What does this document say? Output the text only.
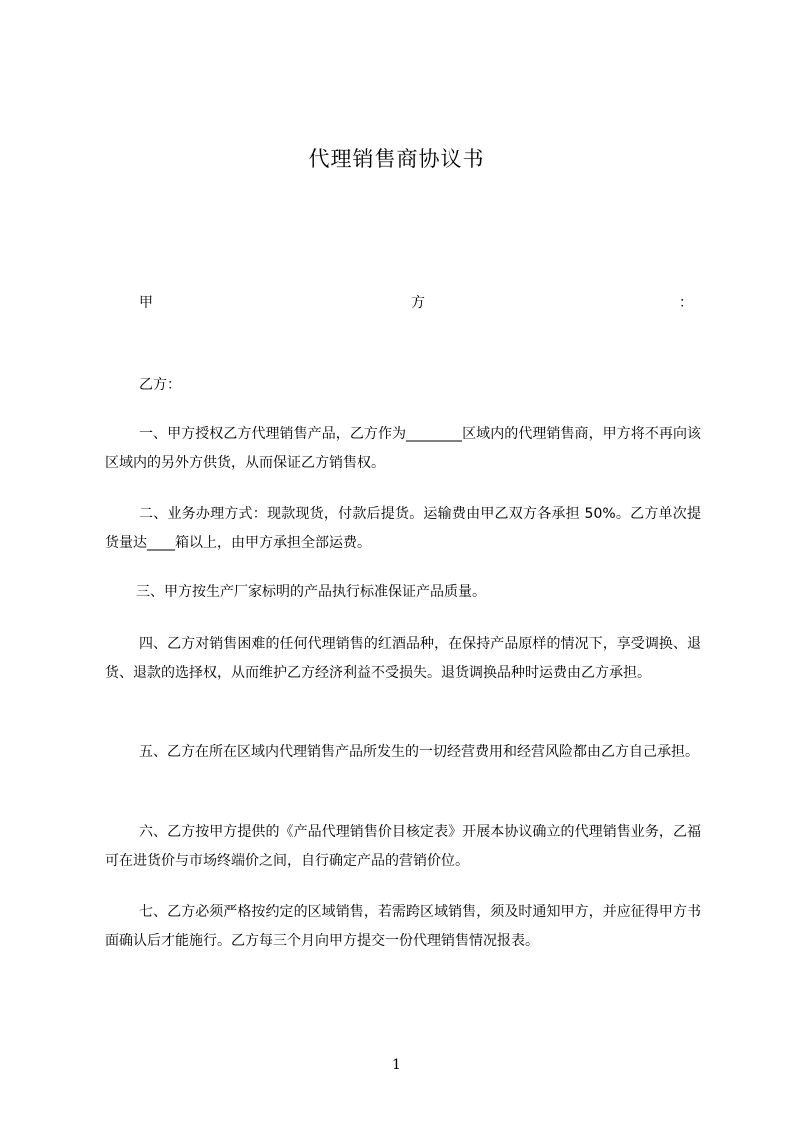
代理销售商协议书
甲	方	：
乙方：

一、甲方授权乙方代理销售产品，乙方作为________区域内的代理销售商，甲方将不再向该区域内的另外方供货，从而保证乙方销售权。

二、业务办理方式：现款现货，付款后提货。运输费由甲乙双方各承担 50%。乙方单次提货量达____箱以上，由甲方承担全部运费。

三、甲方按生产厂家标明的产品执行标准保证产品质量。

四、乙方对销售困难的任何代理销售的红酒品种，在保持产品原样的情况下，享受调换、退货、退款的选择权，从而维护乙方经济利益不受损失。退货调换品种时运费由乙方承担。

五、乙方在所在区域内代理销售产品所发生的一切经营费用和经营风险都由乙方自己承担。

六、乙方按甲方提供的《产品代理销售价目核定表》开展本协议确立的代理销售业务，乙福可在进货价与市场终端价之间，自行确定产品的营销价位。

七、乙方必须严格按约定的区域销售，若需跨区域销售，须及时通知甲方，并应征得甲方书面确认后才能施行。乙方每三个月向甲方提交一份代理销售情况报表。

1
